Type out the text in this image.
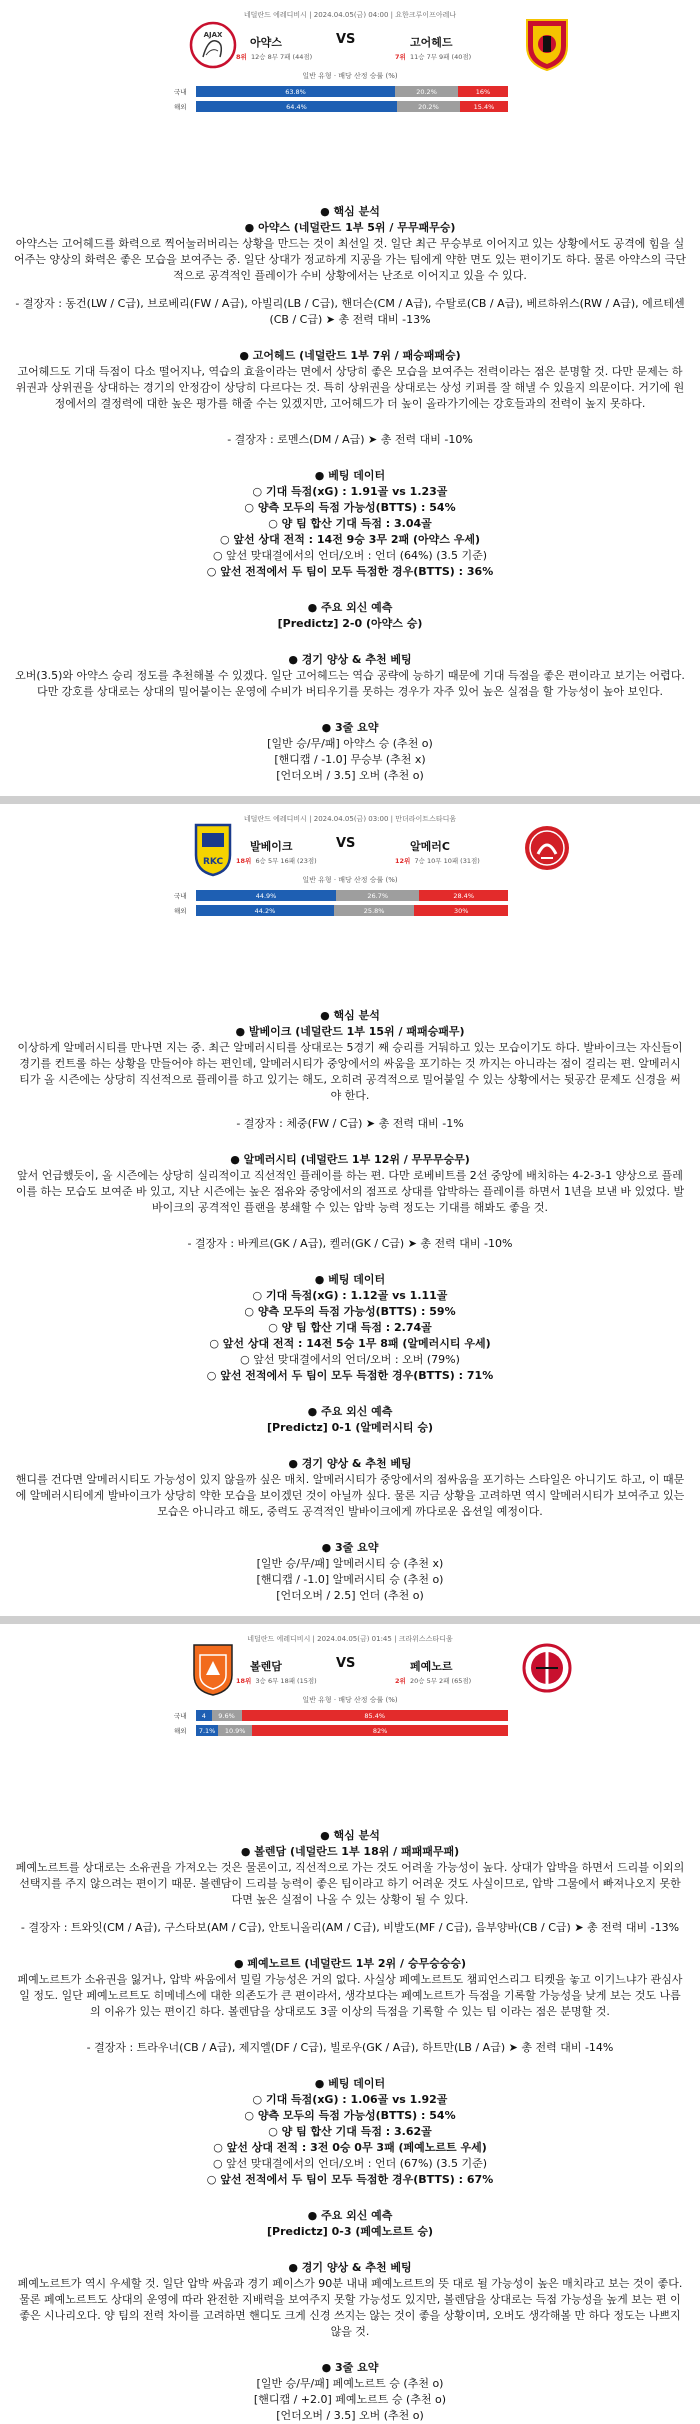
네덜란드 에레디비시 | 2024.04.05(금) 04:00 | 요한크루이프아레나
AJAX
아약스	VS	고어헤드
8위 12승 8무 7패 (44점)	7위 11승 7무 9패 (40점)
일반 유형 · 배당 산정 승률 (%)
국내	63.8%	20.2%	16%
해외	64.4%	20.2%	15.4%

● 핵심 분석

● 아약스 (네덜란드 1부 5위 / 무무패무승)

아약스는 고어헤드를 화력으로 찍어눌러버리는 상황을 만드는 것이 최선일 것. 일단 최근 무승부로 이어지고 있는 상황에서도 공격에 힘을 실어주는 양상의 화력은 좋은 모습을 보여주는 중. 일단 상대가 정교하게 지공을 가는 팀에게 약한 면도 있는 편이기도 하다. 물론 아약스의 극단적으로 공격적인 플레이가 수비 상황에서는 난조로 이어지고 있을 수 있다.

- 결장자 : 동건(LW / C급), 브로베리(FW / A급), 아빌리(LB / C급), 핸더슨(CM / A급), 수탈로(CB / A급), 베르하위스(RW / A급), 에르테센(CB / C급) ➤ 총 전력 대비 -13%

● 고어헤드 (네덜란드 1부 7위 / 패승패패승)

고어헤드도 기대 득점이 다소 떨어지나, 역습의 효율이라는 면에서 상당히 좋은 모습을 보여주는 전력이라는 점은 분명할 것. 다만 문제는 하위권과 상위권을 상대하는 경기의 안정감이 상당히 다르다는 것. 특히 상위권을 상대로는 상성 키퍼를 잘 해낼 수 있을지 의문이다. 거기에 원정에서의 결정력에 대한 높은 평가를 해줄 수는 있겠지만, 고어헤드가 더 높이 올라가기에는 강호들과의 전력이 높지 못하다.

- 결장자 : 로멘스(DM / A급) ➤ 총 전력 대비 -10%

● 베팅 데이터

○ 기대 득점(xG) : 1.91골 vs 1.23골

○ 양측 모두의 득점 가능성(BTTS) : 54%

○ 양 팀 합산 기대 득점 : 3.04골

○ 앞선 상대 전적 : 14전 9승 3무 2패 (아약스 우세)

○ 앞선 맞대결에서의 언더/오버 : 언더 (64%) (3.5 기준)

○ 앞선 전적에서 두 팀이 모두 득점한 경우(BTTS) : 36%

● 주요 외신 예측

[Predictz] 2-0 (아약스 승)

● 경기 양상 & 추천 베팅

오버(3.5)와 아약스 승리 정도를 추천해볼 수 있겠다. 일단 고어헤드는 역습 공략에 능하기 때문에 기대 득점을 좋은 편이라고 보기는 어렵다. 다만 강호를 상대로는 상대의 밀어붙이는 운영에 수비가 버티우기를 못하는 경우가 자주 있어 높은 실점을 할 가능성이 높아 보인다.

● 3줄 요약

[일반 승/무/패] 아약스 승 (추천 o)

[핸디캡 / -1.0] 무승부 (추천 x)

[언더오버 / 3.5] 오버 (추천 o)

네덜란드 에레디비시 | 2024.04.05(금) 03:00 | 만더라이트스타디움
RKC
발베이크	VS	알메러C
18위 6승 5무 16패 (23점)	12위 7승 10무 10패 (31점)
일반 유형 · 배당 산정 승률 (%)
국내	44.9%	26.7%	28.4%
해외	44.2%	25.8%	30%

● 핵심 분석

● 발베이크 (네덜란드 1부 15위 / 패패승패무)

이상하게 알메러시티를 만나면 지는 중. 최근 알메러시티를 상대로는 5경기 째 승리를 거둬하고 있는 모습이기도 하다. 발바이크는 자신들이 경기를 컨트롤 하는 상황을 만들어야 하는 편인데, 알메러시티가 중앙에서의 싸움을 포기하는 것 까지는 아니라는 점이 걸리는 편. 알메러시티가 올 시즌에는 상당히 직선적으로 플레이를 하고 있기는 해도, 오히려 공격적으로 밀어붙일 수 있는 상황에서는 뒷공간 문제도 신경을 써야 한다.

- 결장자 : 체중(FW / C급) ➤ 총 전력 대비 -1%

● 알메러시티 (네덜란드 1부 12위 / 무무무승무)

앞서 언급했듯이, 올 시즌에는 상당히 실리적이고 직선적인 플레이를 하는 편. 다만 로베비트를 2선 중앙에 배치하는 4-2-3-1 양상으로 플레이를 하는 모습도 보여준 바 있고, 지난 시즌에는 높은 점유와 중앙에서의 점프로 상대를 압박하는 플레이를 하면서 1년을 보낸 바 있었다. 발바이크의 공격적인 플랜을 봉쇄할 수 있는 압박 능력 정도는 기대를 해봐도 좋을 것.

- 결장자 : 바케르(GK / A급), 켈러(GK / C급) ➤ 총 전력 대비 -10%

● 베팅 데이터

○ 기대 득점(xG) : 1.12골 vs 1.11골

○ 양측 모두의 득점 가능성(BTTS) : 59%

○ 양 팀 합산 기대 득점 : 2.74골

○ 앞선 상대 전적 : 14전 5승 1무 8패 (알메러시티 우세)

○ 앞선 맞대결에서의 언더/오버 : 오버 (79%)

○ 앞선 전적에서 두 팀이 모두 득점한 경우(BTTS) : 71%

● 주요 외신 예측

[Predictz] 0-1 (알메러시티 승)

● 경기 양상 & 추천 베팅

핸디를 건다면 알메러시티도 가능성이 있지 않을까 싶은 매치. 알메러시티가 중앙에서의 점싸움을 포기하는 스타일은 아니기도 하고, 이 때문에 알메러시티에게 발바이크가 상당히 약한 모습을 보이겠던 것이 아닐까 싶다. 물론 지금 상황을 고려하면 역시 알메러시티가 보여주고 있는 모습은 아니라고 해도, 중력도 공격적인 발바이크에게 까다로운 옵션일 예정이다.

● 3줄 요약

[일반 승/무/패] 알메러시티 승 (추천 x)

[핸디캡 / -1.0] 알메러시티 승 (추천 o)

[언더오버 / 2.5] 언더 (추천 o)

네덜란드 에레디비시 | 2024.04.05(금) 01:45 | 크라위스스타디움
볼렌담	VS	페예노르
18위 3승 6무 18패 (15점)	2위 20승 5무 2패 (65점)
일반 유형 · 배당 산정 승률 (%)
국내	4	9.6%	85.4%
해외	7.1%	10.9%	82%

● 핵심 분석

● 볼렌담 (네덜란드 1부 18위 / 패패패무패)

페예노르트를 상대로는 소유권을 가져오는 것은 물론이고, 직선적으로 가는 것도 어려울 가능성이 높다. 상대가 압박을 하면서 드리블 이외의 선택지를 주지 않으려는 편이기 때문. 볼렌담이 드리블 능력이 좋은 팀이라고 하기 어려운 것도 사실이므로, 압박 그물에서 빠져나오지 못한다면 높은 실점이 나올 수 있는 상황이 될 수 있다.

- 결장자 : 트와잇(CM / A급), 구스타보(AM / C급), 안토니올리(AM / C급), 비발도(MF / C급), 음부양바(CB / C급) ➤ 총 전력 대비 -13%

● 페예노르트 (네덜란드 1부 2위 / 승무승승승)

페예노르트가 소유권을 잃거나, 압박 싸움에서 밀릴 가능성은 거의 없다. 사실상 페예노르트도 챔피언스리그 티켓을 놓고 이기느냐가 관심사일 정도. 일단 페예노르트도 히메네스에 대한 의존도가 큰 편이라서, 생각보다는 페예노르트가 득점을 기록할 가능성을 낮게 보는 것도 나름의 이유가 있는 편이긴 하다. 볼렌담을 상대로도 3골 이상의 득점을 기록할 수 있는 팀 이라는 점은 분명할 것.

- 결장자 : 트라우너(CB / A급), 제지엘(DF / C급), 빌로우(GK / A급), 하트만(LB / A급) ➤ 총 전력 대비 -14%

● 베팅 데이터

○ 기대 득점(xG) : 1.06골 vs 1.92골

○ 양측 모두의 득점 가능성(BTTS) : 54%

○ 양 팀 합산 기대 득점 : 3.62골

○ 앞선 상대 전적 : 3전 0승 0무 3패 (페예노르트 우세)

○ 앞선 맞대결에서의 언더/오버 : 언더 (67%) (3.5 기준)

○ 앞선 전적에서 두 팀이 모두 득점한 경우(BTTS) : 67%

● 주요 외신 예측

[Predictz] 0-3 (페예노르트 승)

● 경기 양상 & 추천 베팅

페예노르트가 역시 우세할 것. 일단 압박 싸움과 경기 페이스가 90분 내내 페예노르트의 뜻 대로 될 가능성이 높은 매치라고 보는 것이 좋다. 물론 페예노르트도 상대의 운영에 따라 완전한 지배력을 보여주지 못할 가능성도 있지만, 볼렌담을 상대로는 득점 가능성을 높게 보는 편 이 좋은 시나리오다. 양 팀의 전력 차이를 고려하면 핸디도 크게 신경 쓰지는 않는 것이 좋을 상황이며, 오버도 생각해볼 만 하다 정도는 나쁘지 않을 것.

● 3줄 요약

[일반 승/무/패] 페예노르트 승 (추천 o)

[핸디캡 / +2.0] 페예노르트 승 (추천 o)

[언더오버 / 3.5] 오버 (추천 o)
